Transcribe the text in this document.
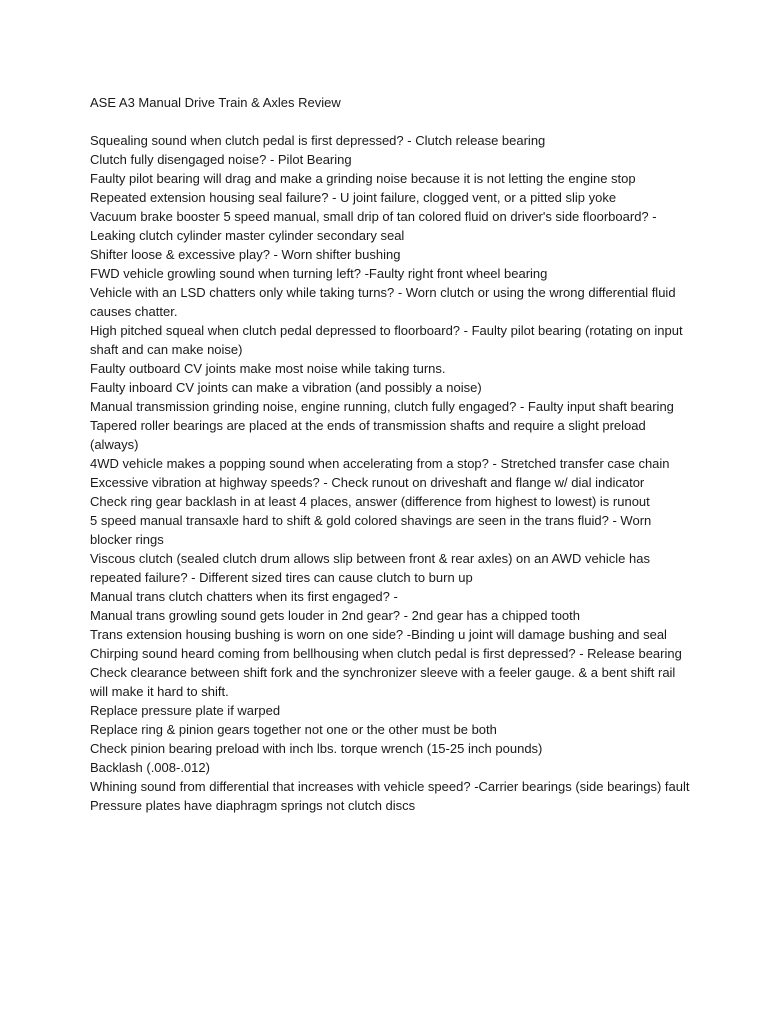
ASE A3 Manual Drive Train & Axles Review
Squealing sound when clutch pedal is first depressed? - Clutch release bearing
Clutch fully disengaged noise? - Pilot Bearing
Faulty pilot bearing will drag and make a grinding noise because it is not letting the engine stop
Repeated extension housing seal failure? - U joint failure, clogged vent, or a pitted slip yoke
Vacuum brake booster 5 speed manual, small drip of tan colored fluid on driver's side floorboard? - Leaking clutch cylinder master cylinder secondary seal
Shifter loose & excessive play? - Worn shifter bushing
FWD vehicle growling sound when turning left? -Faulty right front wheel bearing
Vehicle with an LSD chatters only while taking turns? - Worn clutch or using the wrong differential fluid causes chatter.
High pitched squeal when clutch pedal depressed to floorboard? - Faulty pilot bearing (rotating on input shaft and can make noise)
Faulty outboard CV joints make most noise while taking turns.
Faulty inboard CV joints can make a vibration (and possibly a noise)
Manual transmission grinding noise, engine running, clutch fully engaged? - Faulty input shaft bearing
Tapered roller bearings are placed at the ends of transmission shafts and require a slight preload (always)
4WD vehicle makes a popping sound when accelerating from a stop? - Stretched transfer case chain
Excessive vibration at highway speeds? - Check runout on driveshaft and flange w/ dial indicator
Check ring gear backlash in at least 4 places, answer (difference from highest to lowest) is runout
5 speed manual transaxle hard to shift & gold colored shavings are seen in the trans fluid? - Worn blocker rings
Viscous clutch (sealed clutch drum allows slip between front & rear axles) on an AWD vehicle has repeated failure? - Different sized tires can cause clutch to burn up
Manual trans clutch chatters when its first engaged? -
Manual trans growling sound gets louder in 2nd gear? - 2nd gear has a chipped tooth
Trans extension housing bushing is worn on one side? -Binding u joint will damage bushing and seal
Chirping sound heard coming from bellhousing when clutch pedal is first depressed? - Release bearing
Check clearance between shift fork and the synchronizer sleeve with a feeler gauge. & a bent shift rail will make it hard to shift.
Replace pressure plate if warped
Replace ring & pinion gears together not one or the other must be both
Check pinion bearing preload with inch lbs. torque wrench (15-25 inch pounds)
Backlash (.008-.012)
Whining sound from differential that increases with vehicle speed? -Carrier bearings (side bearings) fault
Pressure plates have diaphragm springs not clutch discs
